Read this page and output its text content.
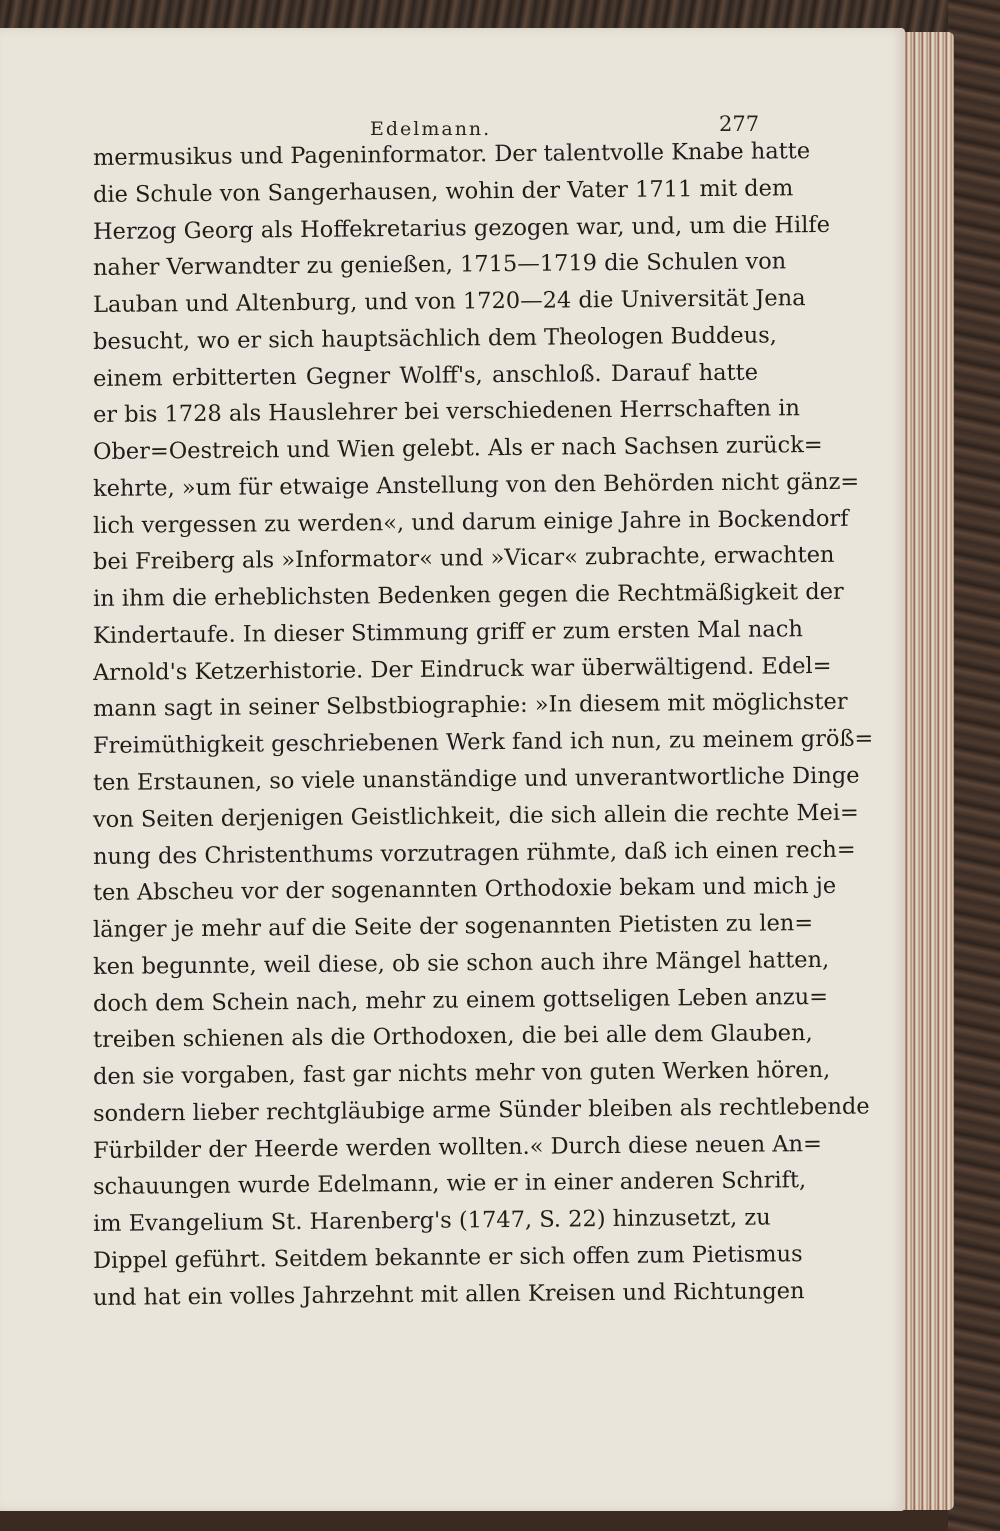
Edelmann.	277
mermusikus und Pageninformator. Der talentvolle Knabe hatte
die Schule von Sangerhausen, wohin der Vater 1711 mit dem
Herzog Georg als Hoffekretarius gezogen war, und, um die Hilfe
naher Verwandter zu genießen, 1715—1719 die Schulen von
Lauban und Altenburg, und von 1720—24 die Universität Jena
besucht, wo er sich hauptsächlich dem Theologen Buddeus,
einem erbitterten Gegner Wolff's, anschloß. Darauf hatte
er bis 1728 als Hauslehrer bei verschiedenen Herrschaften in
Ober=Oestreich und Wien gelebt. Als er nach Sachsen zurück=
kehrte, »um für etwaige Anstellung von den Behörden nicht gänz=
lich vergessen zu werden«, und darum einige Jahre in Bockendorf
bei Freiberg als »Informator« und »Vicar« zubrachte, erwachten
in ihm die erheblichsten Bedenken gegen die Rechtmäßigkeit der
Kindertaufe. In dieser Stimmung griff er zum ersten Mal nach
Arnold's Ketzerhistorie. Der Eindruck war überwältigend. Edel=
mann sagt in seiner Selbstbiographie: »In diesem mit möglichster
Freimüthigkeit geschriebenen Werk fand ich nun, zu meinem größ=
ten Erstaunen, so viele unanständige und unverantwortliche Dinge
von Seiten derjenigen Geistlichkeit, die sich allein die rechte Mei=
nung des Christenthums vorzutragen rühmte, daß ich einen rech=
ten Abscheu vor der sogenannten Orthodoxie bekam und mich je
länger je mehr auf die Seite der sogenannten Pietisten zu len=
ken begunnte, weil diese, ob sie schon auch ihre Mängel hatten,
doch dem Schein nach, mehr zu einem gottseligen Leben anzu=
treiben schienen als die Orthodoxen, die bei alle dem Glauben,
den sie vorgaben, fast gar nichts mehr von guten Werken hören,
sondern lieber rechtgläubige arme Sünder bleiben als rechtlebende
Fürbilder der Heerde werden wollten.« Durch diese neuen An=
schauungen wurde Edelmann, wie er in einer anderen Schrift,
im Evangelium St. Harenberg's (1747, S. 22) hinzusetzt, zu
Dippel geführt. Seitdem bekannte er sich offen zum Pietismus
und hat ein volles Jahrzehnt mit allen Kreisen und Richtungen
